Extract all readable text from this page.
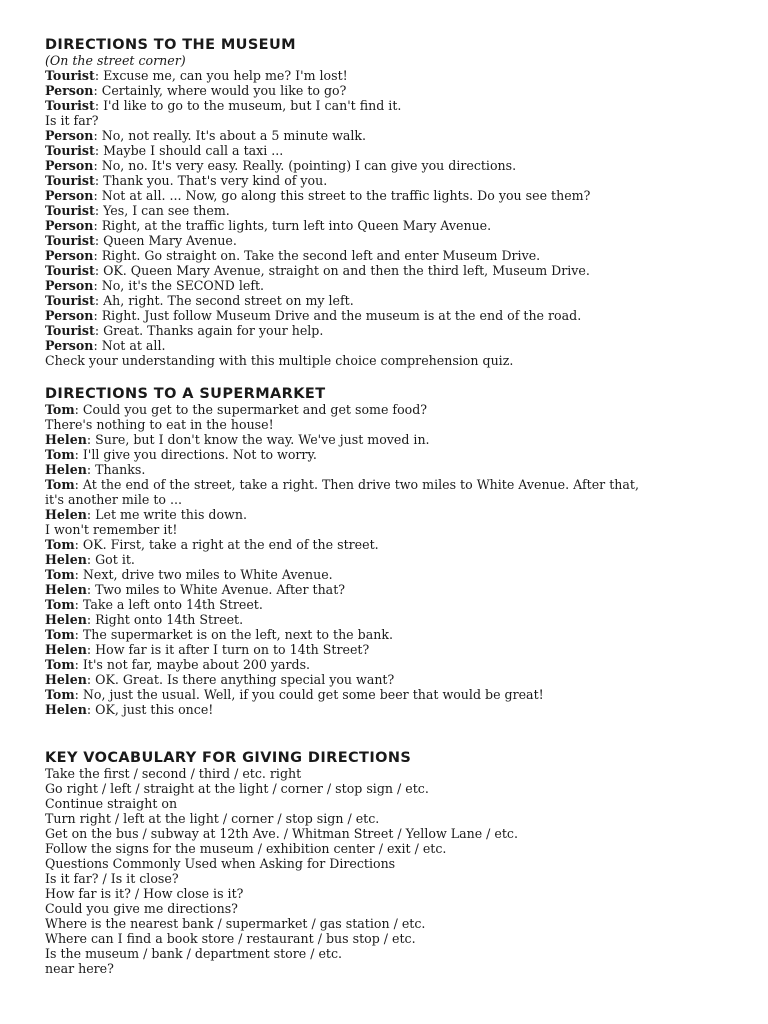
DIRECTIONS TO THE MUSEUM
(On the street corner)
Tourist: Excuse me, can you help me? I'm lost!
Person: Certainly, where would you like to go?
Tourist: I'd like to go to the museum, but I can't find it.
Is it far?
Person: No, not really. It's about a 5 minute walk.
Tourist: Maybe I should call a taxi ...
Person: No, no. It's very easy. Really. (pointing) I can give you directions.
Tourist: Thank you. That's very kind of you.
Person: Not at all. ... Now, go along this street to the traffic lights. Do you see them?
Tourist: Yes, I can see them.
Person: Right, at the traffic lights, turn left into Queen Mary Avenue.
Tourist: Queen Mary Avenue.
Person: Right. Go straight on. Take the second left and enter Museum Drive.
Tourist: OK. Queen Mary Avenue, straight on and then the third left, Museum Drive.
Person: No, it's the SECOND left.
Tourist: Ah, right. The second street on my left.
Person: Right. Just follow Museum Drive and the museum is at the end of the road.
Tourist: Great. Thanks again for your help.
Person: Not at all.
Check your understanding with this multiple choice comprehension quiz.
DIRECTIONS TO A SUPERMARKET
Tom: Could you get to the supermarket and get some food?
There's nothing to eat in the house!
Helen: Sure, but I don't know the way. We've just moved in.
Tom: I'll give you directions. Not to worry.
Helen: Thanks.
Tom: At the end of the street, take a right. Then drive two miles to White Avenue. After that,
it's another mile to ...
Helen: Let me write this down.
I won't remember it!
Tom: OK. First, take a right at the end of the street.
Helen: Got it.
Tom: Next, drive two miles to White Avenue.
Helen: Two miles to White Avenue. After that?
Tom: Take a left onto 14th Street.
Helen: Right onto 14th Street.
Tom: The supermarket is on the left, next to the bank.
Helen: How far is it after I turn on to 14th Street?
Tom: It's not far, maybe about 200 yards.
Helen: OK. Great. Is there anything special you want?
Tom: No, just the usual. Well, if you could get some beer that would be great!
Helen: OK, just this once!
KEY VOCABULARY FOR GIVING DIRECTIONS
Take the first / second / third / etc. right
Go right / left / straight at the light / corner / stop sign / etc.
Continue straight on
Turn right / left at the light / corner / stop sign / etc.
Get on the bus / subway at 12th Ave. / Whitman Street / Yellow Lane / etc.
Follow the signs for the museum / exhibition center / exit / etc.
Questions Commonly Used when Asking for Directions
Is it far? / Is it close?
How far is it? / How close is it?
Could you give me directions?
Where is the nearest bank / supermarket / gas station / etc.
Where can I find a book store / restaurant / bus stop / etc.
Is the museum / bank / department store / etc.
near here?
